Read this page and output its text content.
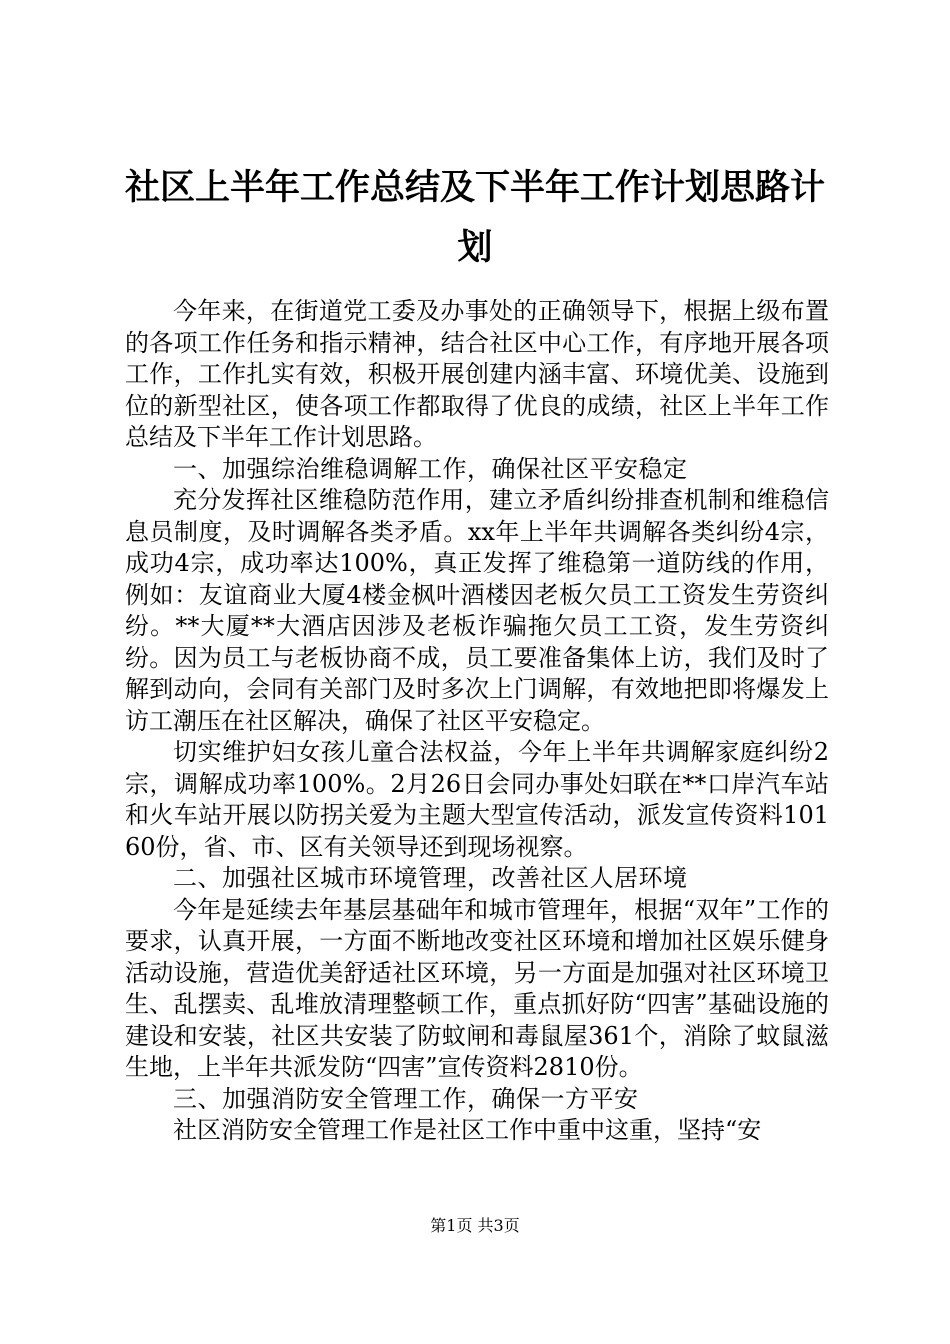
社区上半年工作总结及下半年工作计划思路计划

今年来，在街道党工委及办事处的正确领导下，根据上级布置的各项工作任务和指示精神，结合社区中心工作，有序地开展各项工作，工作扎实有效，积极开展创建内涵丰富、环境优美、设施到位的新型社区，使各项工作都取得了优良的成绩，社区上半年工作总结及下半年工作计划思路。

一、加强综治维稳调解工作，确保社区平安稳定

充分发挥社区维稳防范作用，建立矛盾纠纷排查机制和维稳信息员制度，及时调解各类矛盾。xx年上半年共调解各类纠纷4宗，成功4宗，成功率达100%，真正发挥了维稳第一道防线的作用，例如：友谊商业大厦4楼金枫叶酒楼因老板欠员工工资发生劳资纠纷。**大厦**大酒店因涉及老板诈骗拖欠员工工资，发生劳资纠纷。因为员工与老板协商不成，员工要准备集体上访，我们及时了解到动向，会同有关部门及时多次上门调解，有效地把即将爆发上访工潮压在社区解决，确保了社区平安稳定。

切实维护妇女孩儿童合法权益，今年上半年共调解家庭纠纷2宗，调解成功率100%。2月26日会同办事处妇联在**口岸汽车站和火车站开展以防拐关爱为主题大型宣传活动，派发宣传资料10160份，省、市、区有关领导还到现场视察。

二、加强社区城市环境管理，改善社区人居环境

今年是延续去年基层基础年和城市管理年，根据“双年”工作的要求，认真开展，一方面不断地改变社区环境和增加社区娱乐健身活动设施，营造优美舒适社区环境，另一方面是加强对社区环境卫生、乱摆卖、乱堆放清理整顿工作，重点抓好防“四害”基础设施的建设和安装，社区共安装了防蚊闸和毒鼠屋361个，消除了蚊鼠滋生地，上半年共派发防“四害”宣传资料2810份。

三、加强消防安全管理工作，确保一方平安

社区消防安全管理工作是社区工作中重中这重，坚持“安

第1页 共3页
